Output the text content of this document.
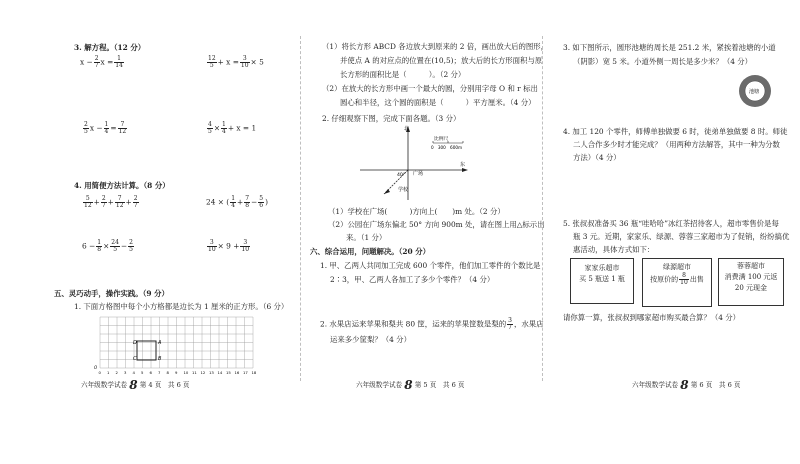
3. 解方程。（12 分）
$x - \frac{2}{7}$ $x = \frac{1}{14}$	$\frac{12}{5} + x = \frac{3}{10} \times 5$
$\frac{2}{5}$ $x - \frac{1}{4} = \frac{7}{12}$	$\frac{4}{5} \times \frac{1}{4} + x = 1$
4. 用简便方法计算。（8 分）
$\frac{5}{12} + \frac{2}{7} + \frac{7}{12} + \frac{2}{7}$	24 × ( $\frac{1}{4} + \frac{7}{8} - \frac{5}{6}$ )
$6 - \frac{1}{8} \times \frac{24}{5} - \frac{2}{5}$	$\frac{3}{10} \times 9 + \frac{3}{10}$
五、灵巧动手，操作实践。（9 分）
1. 下面方格图中每个小方格都是边长为 1 厘米的正方形。（6 分）
A
B
C
D
0 1 2 3 4 5 6 7 8 9 10 11 12 13 14 15 16 17 18
O
六年级数学试卷 8 第 4 页　共 6 页
（1）将长方形 ABCD 各边放大到原来的 2 倍，画出放大后的图形，
并使点 A 的对应点的位置在(10,5)；放大后的长方形面积与原
长方形的面积比是（　　　）。（2 分）
（2）在放大的长方形中画一个最大的圆，分别用字母 O 和 r 标出
圆心和半径，这个圆的面积是（　　　）平方厘米。（4 分）
2. 仔细观察下图，完成下面各题。（3 分）
北
东
广场
学校
40°
比例尺
0　300　600m
（1）学校在广场(　　　)方向上(　　)m 处。（2 分）
（2）公园在广场东偏北 50° 方向 900m 处，请在图上用△标示出
来。（1 分）
六、综合运用，问题解决。（20 分）
1. 甲、乙两人共同加工完成 600 个零件，他们加工零件的个数比是
2∶3，甲、乙两人各加工了多少个零件？（4 分）
2. 水果店运来苹果和梨共 80 筐，运来的苹果筐数是梨的 $\frac{3}{7}$ ，水果店
运来多少筐梨？（4 分）
六年级数学试卷 8 第 5 页　共 6 页
3. 如下图所示，圆形池塘的周长是 251.2 米，紧挨着池塘的小道
（阴影）宽 5 米。小道外侧一周长是多少米？（4 分）
池塘
4. 加工 120 个零件，师傅单独做要 6 时，徒弟单独做要 8 时。师徒
二人合作多少时才能完成？（用两种方法解答，其中一种为分数
方法）（4 分）
5. 张叔叔准备买 36 瓶“哇哈哈”冰红茶招待客人，超市零售价是每
瓶 3 元。近期，家家乐、绿源、蓉蓉三家超市为了促销，纷纷搞优
惠活动，具体方式如下：
家家乐超市
买 5 瓶送 1 瓶
绿源超市
按原价的 $\frac{8}{10}$ 出售
蓉蓉超市
消费满 100 元返
20 元现金
请你算一算，张叔叔到哪家超市购买最合算？（4 分）
六年级数学试卷 8 第 6 页　共 6 页
